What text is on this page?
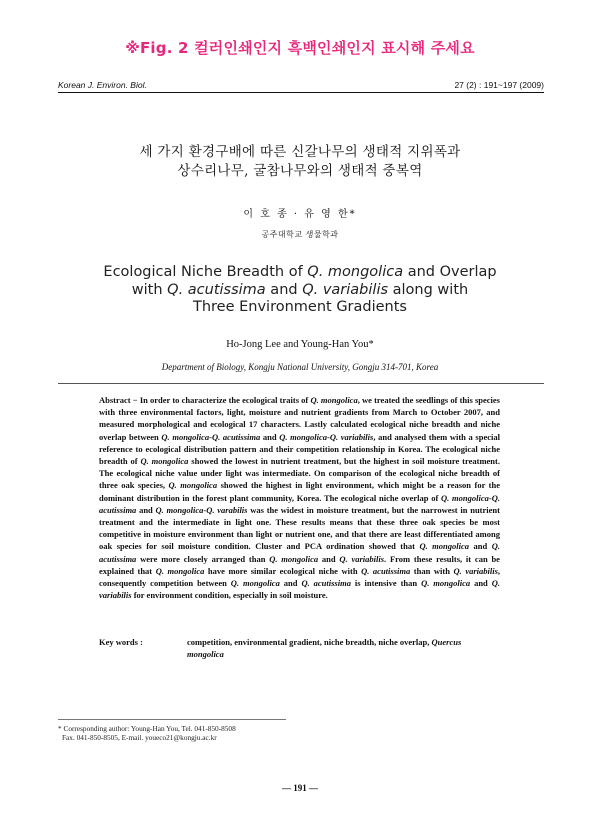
※Fig. 2 컬러인쇄인지 흑백인쇄인지 표시해 주세요
Korean J. Environ. Biol.	27 (2) : 191~197 (2009)
세 가지 환경구배에 따른 신갈나무의 생태적 지위폭과
상수리나무, 굴참나무와의 생태적 중복역
이 호 종 · 유 영 한*
공주대학교 생물학과
Ecological Niche Breadth of Q. mongolica and Overlap
with Q. acutissima and Q. variabilis along with
Three Environment Gradients
Ho-Jong Lee and Young-Han You*
Department of Biology, Kongju National University, Gongju 314-701, Korea
Abstract − In order to characterize the ecological traits of Q. mongolica, we treated the seedlings of this species with three environmental factors, light, moisture and nutrient gradients from March to October 2007, and measured morphological and ecological 17 characters. Lastly calculated ecological niche breadth and niche overlap between Q. mongolica-Q. acutissima and Q. mongolica-Q. variabilis, and analysed them with a special reference to ecological distribution pattern and their competition relationship in Korea. The ecological niche breadth of Q. mongolica showed the lowest in nutrient treatment, but the highest in soil moisture treatment. The ecological niche value under light was intermediate. On comparison of the ecological niche breadth of three oak species, Q. mongolica showed the highest in light environment, which might be a reason for the dominant distribution in the forest plant community, Korea. The ecological niche overlap of Q. mongolica-Q. acutissima and Q. mongolica-Q. varabilis was the widest in moisture treatment, but the narrowest in nutrient treatment and the intermediate in light one. These results means that these three oak species be most competitive in moisture environment than light or nutrient one, and that there are least differentiated among oak species for soil moisture condition. Cluster and PCA ordination showed that Q. mongolica and Q. acutissima were more closely arranged than Q. mongolica and Q. variabilis. From these results, it can be explained that Q. mongolica have more similar ecological niche with Q. acutissima than with Q. variabilis, consequently competition between Q. mongolica and Q. acutissima is intensive than Q. mongolica and Q. variabilis for environment condition, especially in soil moisture.
Key words :	competition, environmental gradient, niche breadth, niche overlap, Quercus mongolica
* Corresponding author: Young-Han You, Tel. 041-850-8508
Fax. 041-850-8505, E-mail. youeco21@kongju.ac.kr
— 191 —
